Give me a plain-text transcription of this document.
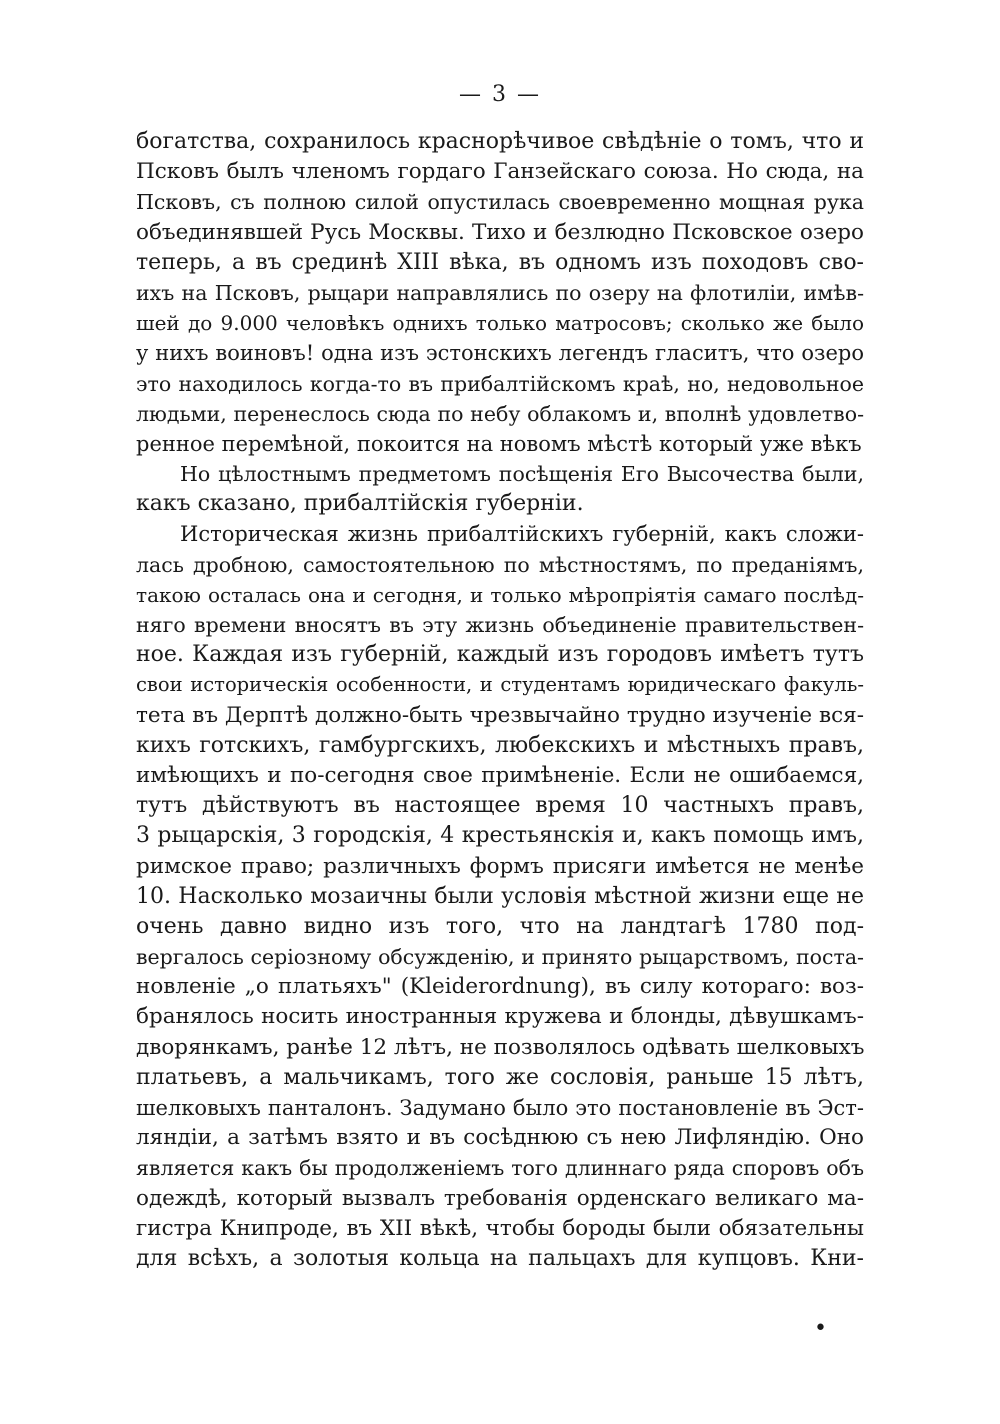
— 3 —
богатства, сохранилось краснорѣчивое свѣдѣніе о томъ, что и
Псковъ былъ членомъ гордаго Ганзейскаго союза. Но сюда, на
Псковъ, съ полною силой опустилась своевременно мощная рука
объединявшей Русь Москвы. Тихо и безлюдно Псковское озеро
теперь, а въ срединѣ XIII вѣка, въ одномъ изъ походовъ сво-
ихъ на Псковъ, рыцари направлялись по озеру на флотиліи, имѣв-
шей до 9.000 человѣкъ однихъ только матросовъ; сколько же было
у нихъ воиновъ! одна изъ эстонскихъ легендъ гласитъ, что озеро
это находилось когда-то въ прибалтійскомъ краѣ, но, недовольное
людьми, перенеслось сюда по небу облакомъ и, вполнѣ удовлетво-
ренное перемѣной, покоится на новомъ мѣстѣ который уже вѣкъ
Но цѣлостнымъ предметомъ посѣщенія Его Высочества были,
какъ сказано, прибалтійскія губерніи.
Историческая жизнь прибалтійскихъ губерній, какъ сложи-
лась дробною, самостоятельною по мѣстностямъ, по преданіямъ,
такою осталась она и сегодня, и только мѣропріятія самаго послѣд-
няго времени вносятъ въ эту жизнь объединеніе правительствен-
ное. Каждая изъ губерній, каждый изъ городовъ имѣетъ тутъ
свои историческія особенности, и студентамъ юридическаго факуль-
тета въ Дерптѣ должно-быть чрезвычайно трудно изученіе вся-
кихъ готскихъ, гамбургскихъ, любекскихъ и мѣстныхъ правъ,
имѣющихъ и по-сегодня свое примѣненіе. Если не ошибаемся,
тутъ дѣйствуютъ въ настоящее время 10 частныхъ правъ,
3 рыцарскія, 3 городскія, 4 крестьянскія и, какъ помощь имъ,
римское право; различныхъ формъ присяги имѣется не менѣе
10. Насколько мозаичны были условія мѣстной жизни еще не
очень давно видно изъ того, что на ландтагѣ 1780 под-
вергалось серіозному обсужденію, и принято рыцарствомъ, поста-
новленіе „о платьяхъ" (Kleiderordnung), въ силу котораго: воз-
бранялось носить иностранныя кружева и блонды, дѣвушкамъ-
дворянкамъ, ранѣе 12 лѣтъ, не позволялось одѣвать шелковыхъ
платьевъ, а мальчикамъ, того же сословія, раньше 15 лѣтъ,
шелковыхъ панталонъ. Задумано было это постановленіе въ Эст-
ляндіи, а затѣмъ взято и въ сосѣднюю съ нею Лифляндію. Оно
является какъ бы продолженіемъ того длиннаго ряда споровъ объ
одеждѣ, который вызвалъ требованія орденскаго великаго ма-
гистра Книпроде, въ XII вѣкѣ, чтобы бороды были обязательны
для всѣхъ, а золотыя кольца на пальцахъ для купцовъ. Кни-
•
